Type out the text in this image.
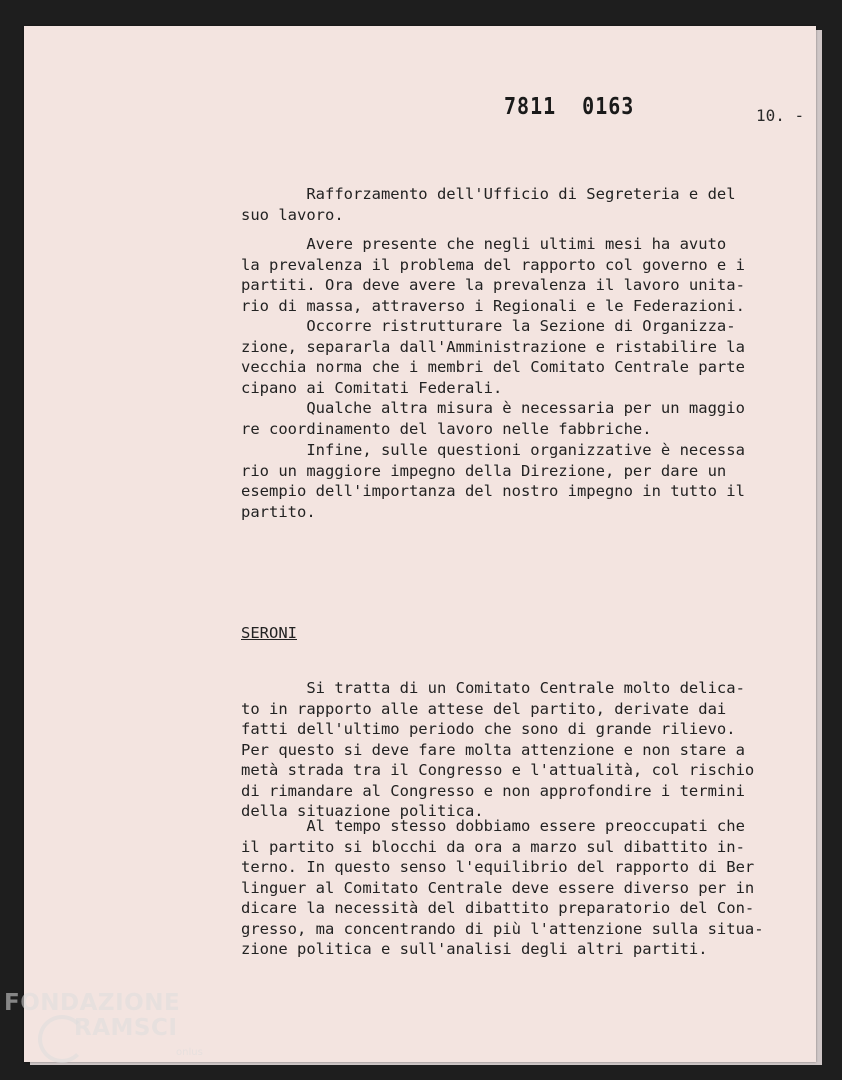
7811 0163	10. -
Rafforzamento dell'Ufficio di Segreteria e del
suo lavoro.
Avere presente che negli ultimi mesi ha avuto
la prevalenza il problema del rapporto col governo e i
partiti. Ora deve avere la prevalenza il lavoro unita-
rio di massa, attraverso i Regionali e le Federazioni.
Occorre ristrutturare la Sezione di Organizza-
zione, separarla dall'Amministrazione e ristabilire la
vecchia norma che i membri del Comitato Centrale parte
cipano ai Comitati Federali.
Qualche altra misura è necessaria per un maggio
re coordinamento del lavoro nelle fabbriche.
Infine, sulle questioni organizzative è necessa
rio un maggiore impegno della Direzione, per dare un
esempio dell'importanza del nostro impegno in tutto il
partito.
SERONI
Si tratta di un Comitato Centrale molto delica-
to in rapporto alle attese del partito, derivate dai
fatti dell'ultimo periodo che sono di grande rilievo.
Per questo si deve fare molta attenzione e non stare a
metà strada tra il Congresso e l'attualità, col rischio
di rimandare al Congresso e non approfondire i termini
della situazione politica.
Al tempo stesso dobbiamo essere preoccupati che
il partito si blocchi da ora a marzo sul dibattito in-
terno. In questo senso l'equilibrio del rapporto di Ber
linguer al Comitato Centrale deve essere diverso per in
dicare la necessità del dibattito preparatorio del Con-
gresso, ma concentrando di più l'attenzione sulla situa-
zione politica e sull'analisi degli altri partiti.
FONDAZIONE
RAMSCI
onlus
